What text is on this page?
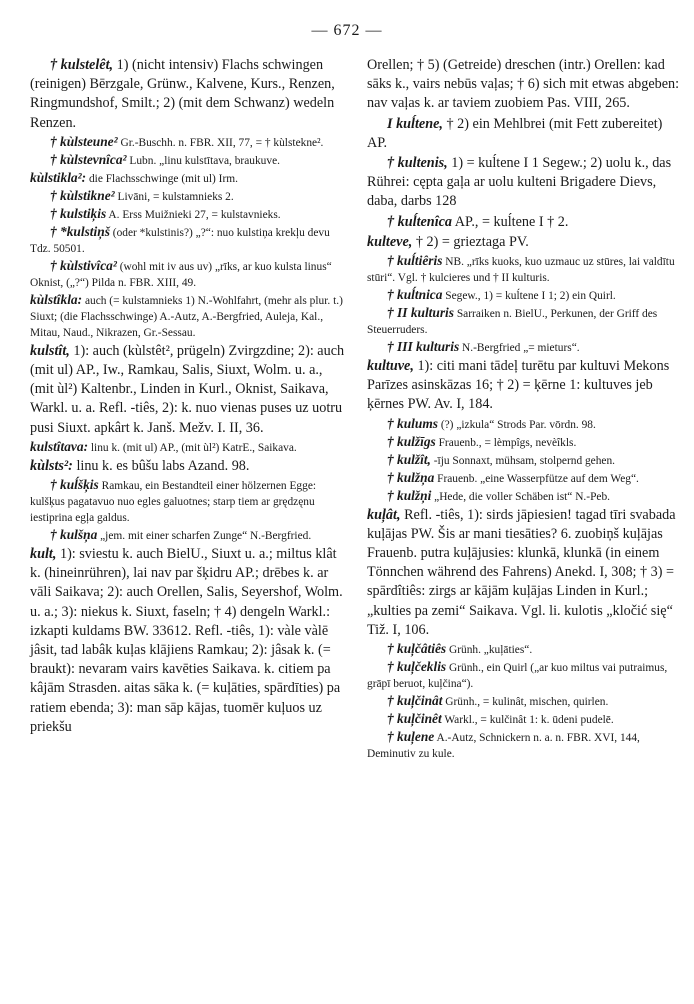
— 672 —

† kulstelêt, 1) (nicht intensiv) Flachs schwingen (reinigen) Bērzgale, Grünw., Kalvene, Kurs., Renzen, Ringmundshof, Smilt.; 2) (mit dem Schwanz) wedeln Renzen.

† kùlsteune² Gr.-Buschh. n. FBR. XII, 77, = † kùlstekne².

† kùlstevnîca² Lubn. „linu kulstītava, braukuve.

kùlstikla²: die Flachsschwinge (mit ul) Irm.

† kùlstikne² Livāni, = kulstamnieks 2.

† kulstiķis A. Erss Muižnieki 27, = kulstavnieks.

† *kulstiņš (oder *kulstinis?) „?“: nuo kulstiņa krekļu devu Tdz. 50501.

† kùlstivîca² (wohl mit iv aus uv) „rīks, ar kuo kulsta linus“ Oknist, („?“) Pilda n. FBR. XIII, 49.

kùlstîkla: auch (= kulstamnieks 1) N.-Wohlfahrt, (mehr als plur. t.) Siuxt; (die Flachsschwinge) A.-Autz, A.-Bergfried, Auleja, Kal., Mitau, Naud., Nikrazen, Gr.-Sessau.

kulstît, 1): auch (kùlstêt², prügeln) Zvirgzdine; 2): auch (mit ul) AP., Iw., Ramkau, Salis, Siuxt, Wolm. u. a., (mit ùl²) Kaltenbr., Linden in Kurl., Oknist, Saikava, Warkl. u. a. Refl. -tiês, 2): k. nuo vienas puses uz uotru pusi Siuxt. apkârt k. Janš. Mežv. I. II, 36.

kulstîtava: linu k. (mit ul) AP., (mit ùl²) KatrE., Saikava.

kùlsts²: linu k. es bûšu labs Azand. 98.

† kuĺšķis Ramkau, ein Bestandteil einer hölzernen Egge: kulšķus pagatavuo nuo egles galuotnes; starp tiem ar grędzęnu iestiprina egļa galdus.

† kulšņa „jem. mit einer scharfen Zunge“ N.-Bergfried.

kult, 1): sviestu k. auch BielU., Siuxt u. a.; miltus klât k. (hineinrühren), lai nav par šķidru AP.; drēbes k. ar vāli Saikava; 2): auch Orellen, Salis, Seyershof, Wolm. u. a.; 3): niekus k. Siuxt, faseln; † 4) dengeln Warkl.: izkapti kuldams BW. 33612. Refl. -tiês, 1): vàle vàlē jâsit, tad labâk kuļas klājiens Ramkau; 2): jâsak k. (= braukt): nevaram vairs kavēties Saikava. k. citiem pa kâjām Strasden. aitas sāka k. (= kuļāties, spārdīties) pa ratiem ebenda; 3): man sāp kājas, tuomēr kuļuos uz priekšu

Orellen; † 5) (Getreide) dreschen (intr.) Orellen: kad sāks k., vairs nebūs vaļas; † 6) sich mit etwas abgeben: nav vaļas k. ar taviem zuobiem Pas. VIII, 265.

I kuĺtene, † 2) ein Mehlbrei (mit Fett zubereitet) AP.

† kultenis, 1) = kuĺtene I 1 Segew.; 2) uolu k., das Rührei: cępta gaļa ar uolu kulteni Brigadere Dievs, daba, darbs 128

† kuĺtenîca AP., = kuĺtene I † 2.

kulteve, † 2) = grieztaga PV.

† kuĺtiêris NB. „rīks kuoks, kuo uzmauc uz stūres, lai valdītu stūri“. Vgl. † kulcieres und † II kulturis.

† kuĺtnica Segew., 1) = kuĺtene I 1; 2) ein Quirl.

† II kulturis Sarraiken n. BielU., Perkunen, der Griff des Steuerruders.

† III kulturis N.-Bergfried „= mieturs“.

kultuve, 1): citi mani tādeļ turētu par kultuvi Mekons Parīzes asinskāzas 16; † 2) = ķērne 1: kultuves jeb ķērnes PW. Av. I, 184.

† kulums (?) „izkula“ Strods Par. vōrdn. 98.

† kulžīgs Frauenb., = lèmpîgs, nevèîkls.

† kulžît, -īju Sonnaxt, mühsam, stolpernd gehen.

† kulžņa Frauenb. „eine Wasserpfütze auf dem Weg“.

† kulžņi „Hede, die voller Schäben ist“ N.-Peb.

kuļât, Refl. -tiês, 1): sirds jāpiesien! tagad tīri svabada kuļājas PW. Šis ar mani tiesāties? 6. zuobiņš kuļājas Frauenb. putra kuļājusies: klunkā, klunkā (in einem Tönnchen während des Fahrens) Anekd. I, 308; † 3) = spārdîtiês: zirgs ar kājām kuļājas Linden in Kurl.; „kulties pa zemi“ Saikava. Vgl. li. kulotis „kločić się“ Tiž. I, 106.

† kuļčâtiês Grünh. „kuļāties“.

† kuļčeklis Grünh., ein Quirl („ar kuo miltus vai putraimus, grāpī beruot, kuļčina“).

† kuļčinât Grünh., = kulinât, mischen, quirlen.

† kuļčinêt Warkl., = kulčinât 1: k. ūdeni pudelē.

† kuļene A.-Autz, Schnickern n. a. n. FBR. XVI, 144, Deminutiv zu kule.
